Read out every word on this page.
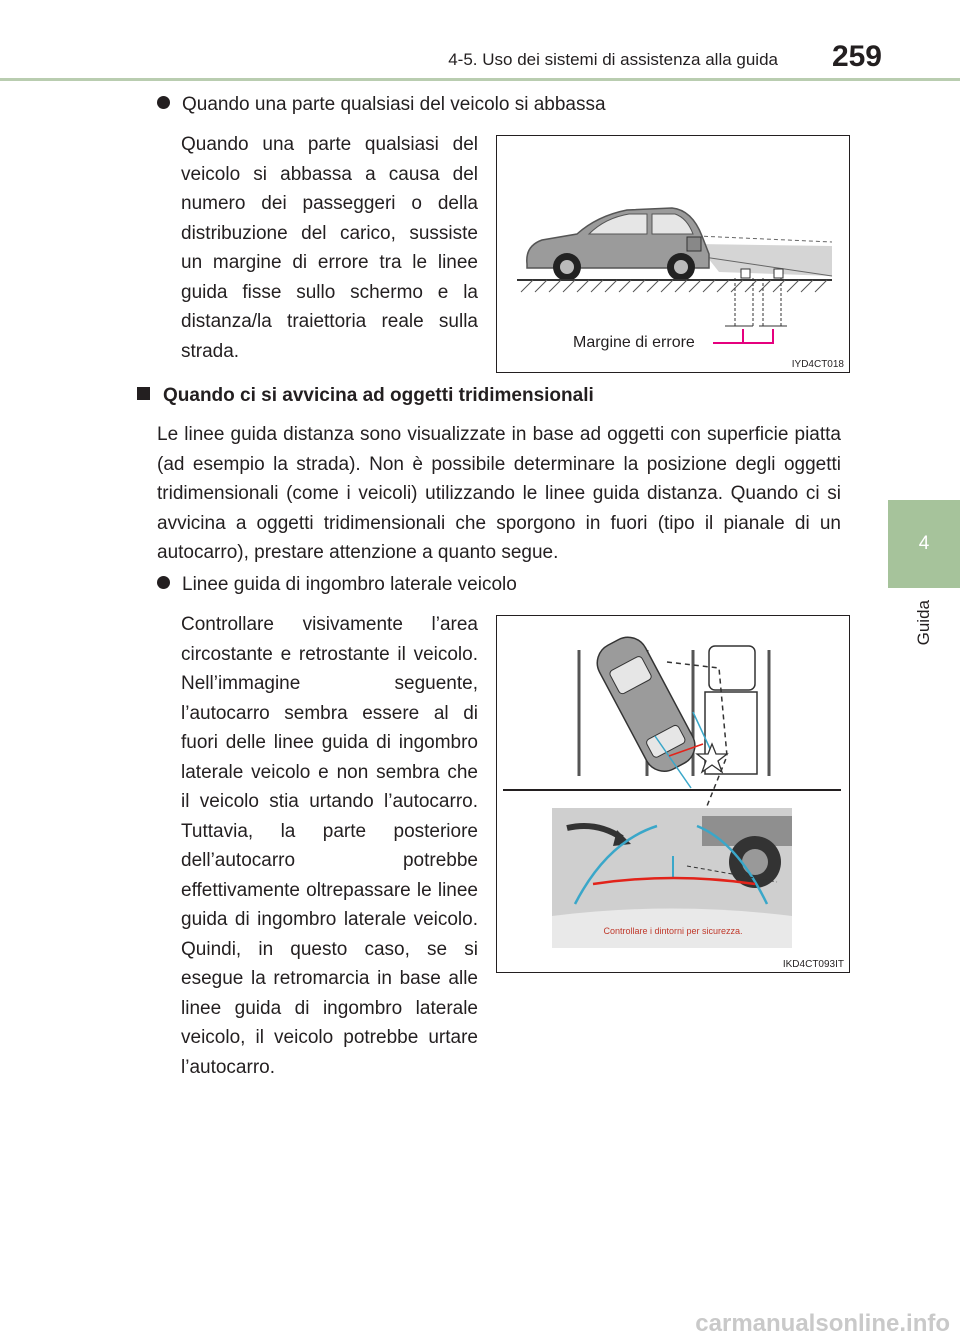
4-5. Uso dei sistemi di assistenza alla guida 259
4
Guida
Quando una parte qualsiasi del veicolo si abbassa
Quando una parte qualsiasi del veicolo si abbassa a causa del numero dei passeggeri o della distribuzione del carico, sussiste un margine di errore tra le linee guida fisse sullo schermo e la distanza/la traiettoria reale sulla strada.	Margine di errore
IYD4CT018
Quando ci si avvicina ad oggetti tridimensionali
Le linee guida distanza sono visualizzate in base ad oggetti con superficie piatta (ad esempio la strada). Non è possibile determinare la posizione degli oggetti tridimensionali (come i veicoli) utilizzando le linee guida distanza. Quando ci si avvicina a oggetti tridimensionali che sporgono in fuori (tipo il pianale di un autocarro), prestare attenzione a quanto segue.
Linee guida di ingombro laterale veicolo
Controllare visivamente l’area circostante e retrostante il veicolo. Nell’immagine seguente, l’autocarro sembra essere al di fuori delle linee guida di ingombro laterale veicolo e non sembra che il veicolo stia urtando l’autocarro. Tuttavia, la parte posteriore dell’autocarro potrebbe effettivamente oltrepassare le linee guida di ingombro laterale veicolo. Quindi, in questo caso, se si esegue la retromarcia in base alle linee guida di ingombro laterale veicolo, il veicolo potrebbe urtare l’autocarro.
Controllare i dintorni per sicurezza.
IKD4CT093IT
carmanualsonline.info
